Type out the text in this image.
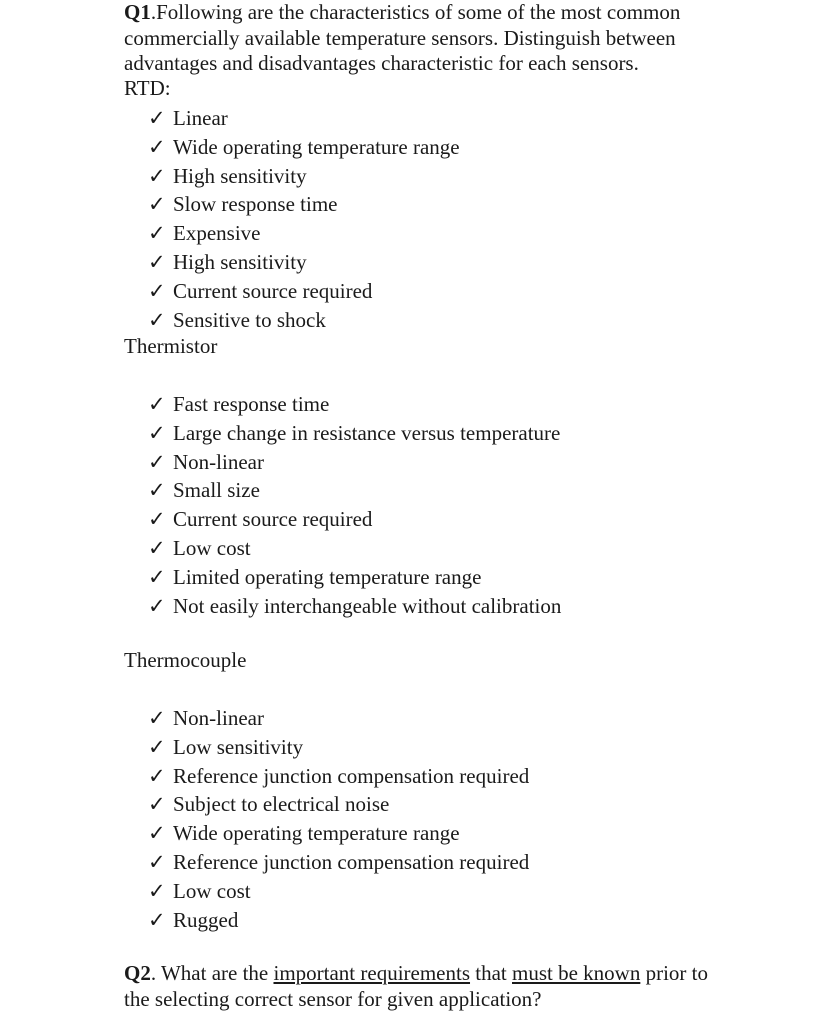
Q1.Following are the characteristics of some of the most common commercially available temperature sensors. Distinguish between advantages and disadvantages characteristic for each sensors.
RTD:
✓ Linear
✓ Wide operating temperature range
✓ High sensitivity
✓ Slow response time
✓ Expensive
✓ High sensitivity
✓ Current source required
✓ Sensitive to shock
Thermistor
✓ Fast response time
✓ Large change in resistance versus temperature
✓ Non-linear
✓ Small size
✓ Current source required
✓ Low cost
✓ Limited operating temperature range
✓ Not easily interchangeable without calibration
Thermocouple
✓ Non-linear
✓ Low sensitivity
✓ Reference junction compensation required
✓ Subject to electrical noise
✓ Wide operating temperature range
✓ Reference junction compensation required
✓ Low cost
✓ Rugged
Q2. What are the important requirements that must be known prior to the selecting correct sensor for given application?
